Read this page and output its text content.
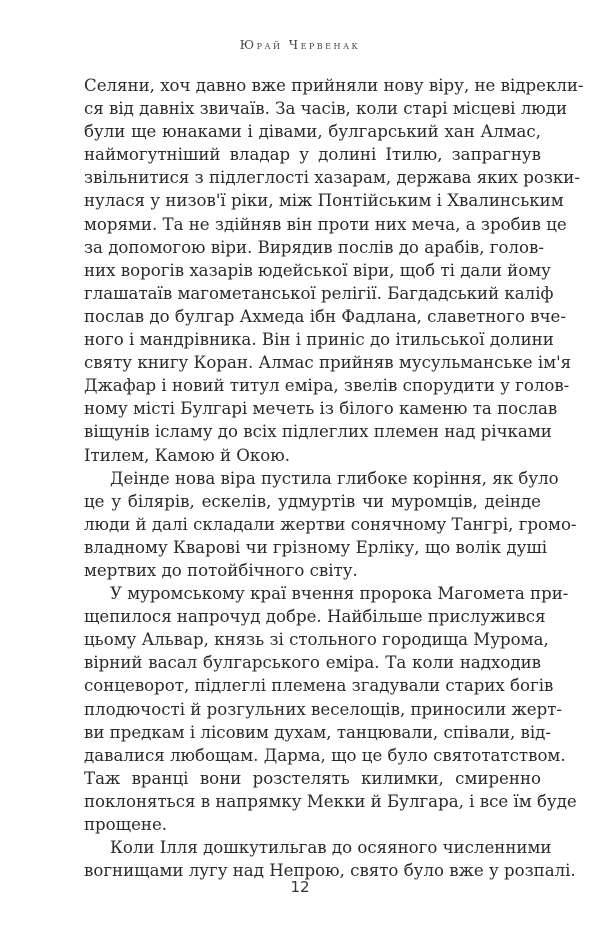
Юрай Червенак
Селяни, хоч давно вже прийняли нову віру, не відрекли-
ся від давніх звичаїв. За часів, коли старі місцеві люди
були ще юнаками і дівами, булгарський хан Алмас,
наймогутніший владар у долині Ітилю, запрагнув
звільнитися з підлеглості хазарам, держава яких розки-
нулася у низов'ї ріки, між Понтійським і Хвалинським
морями. Та не здійняв він проти них меча, а зробив це
за допомогою віри. Вирядив послів до арабів, голов-
них ворогів хазарів юдейської віри, щоб ті дали йому
глашатаїв магометанської релігії. Багдадський каліф
послав до булгар Ахмеда ібн Фадлана, славетного вче-
ного і мандрівника. Він і приніс до ітильської долини
святу книгу Коран. Алмас прийняв мусульманське ім'я
Джафар і новий титул еміра, звелів спорудити у голов-
ному місті Булгарі мечеть із білого каменю та послав
віщунів ісламу до всіх підлеглих племен над річками
Ітилем, Камою й Окою.
Деінде нова віра пустила глибоке коріння, як було
це у білярів, ескелів, удмуртів чи муромців, деінде
люди й далі складали жертви сонячному Тангрі, громо-
владному Кварові чи грізному Ерліку, що волік душі
мертвих до потойбічного світу.
У муромському краї вчення пророка Магомета при-
щепилося напрочуд добре. Найбільше прислужився
цьому Альвар, князь зі стольного городища Мурома,
вірний васал булгарського еміра. Та коли надходив
сонцеворот, підлеглі племена згадували старих богів
плодючості й розгульних веселощів, приносили жерт-
ви предкам і лісовим духам, танцювали, співали, від-
давалися любощам. Дарма, що це було святотатством.
Таж вранці вони розстелять килимки, смиренно
поклоняться в напрямку Мекки й Булгара, і все їм буде
прощене.
Коли Ілля дошкутильгав до осяяного численними
вогнищами лугу над Непрою, свято було вже у розпалі.
12
